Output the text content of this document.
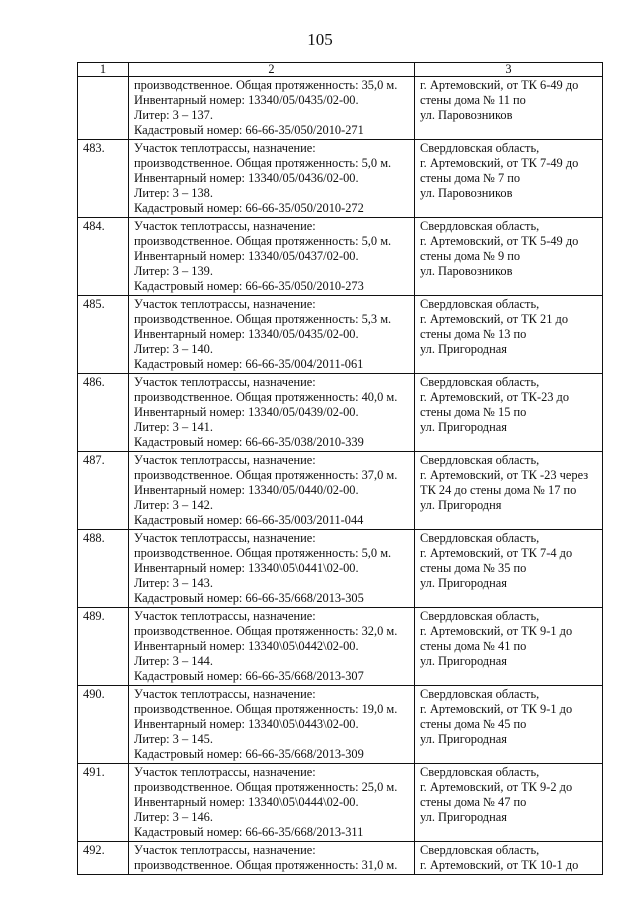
105
1	2	3

	производственное. Общая протяженность: 35,0 м.
Инвентарный номер: 13340/05/0435/02-00.
Литер: 3 – 137.
Кадастровый номер: 66-66-35/050/2010-271	г. Артемовский, от ТК 6-49 до
стены дома № 11 по
ул. Паровозников

483.	Участок теплотрассы, назначение:
производственное. Общая протяженность: 5,0 м.
Инвентарный номер: 13340/05/0436/02-00.
Литер: 3 – 138.
Кадастровый номер: 66-66-35/050/2010-272	Свердловская область,
г. Артемовский, от ТК 7-49 до
стены дома № 7 по
ул. Паровозников

484.	Участок теплотрассы, назначение:
производственное. Общая протяженность: 5,0 м.
Инвентарный номер: 13340/05/0437/02-00.
Литер: 3 – 139.
Кадастровый номер: 66-66-35/050/2010-273	Свердловская область,
г. Артемовский, от ТК 5-49 до
стены дома № 9 по
ул. Паровозников

485.	Участок теплотрассы, назначение:
производственное. Общая протяженность: 5,3 м.
Инвентарный номер: 13340/05/0435/02-00.
Литер: 3 – 140.
Кадастровый номер: 66-66-35/004/2011-061	Свердловская область,
г. Артемовский, от ТК 21 до
стены дома № 13 по
ул. Пригородная

486.	Участок теплотрассы, назначение:
производственное. Общая протяженность: 40,0 м.
Инвентарный номер: 13340/05/0439/02-00.
Литер: 3 – 141.
Кадастровый номер: 66-66-35/038/2010-339	Свердловская область,
г. Артемовский, от ТК-23 до
стены дома № 15 по
ул. Пригородная

487.	Участок теплотрассы, назначение:
производственное. Общая протяженность: 37,0 м.
Инвентарный номер: 13340/05/0440/02-00.
Литер: 3 – 142.
Кадастровый номер: 66-66-35/003/2011-044	Свердловская область,
г. Артемовский, от ТК -23 через
ТК 24 до стены дома № 17 по
ул. Пригородня

488.	Участок теплотрассы, назначение:
производственное. Общая протяженность: 5,0 м.
Инвентарный номер: 13340\05\0441\02-00.
Литер: 3 – 143.
Кадастровый номер: 66-66-35/668/2013-305	Свердловская область,
г. Артемовский, от ТК 7-4 до
стены дома № 35 по
ул. Пригородная

489.	Участок теплотрассы, назначение:
производственное. Общая протяженность: 32,0 м.
Инвентарный номер: 13340\05\0442\02-00.
Литер: 3 – 144.
Кадастровый номер: 66-66-35/668/2013-307	Свердловская область,
г. Артемовский, от ТК 9-1 до
стены дома № 41 по
ул. Пригородная

490.	Участок теплотрассы, назначение:
производственное. Общая протяженность: 19,0 м.
Инвентарный номер: 13340\05\0443\02-00.
Литер: 3 – 145.
Кадастровый номер: 66-66-35/668/2013-309	Свердловская область,
г. Артемовский, от ТК 9-1 до
стены дома № 45 по
ул. Пригородная

491.	Участок теплотрассы, назначение:
производственное. Общая протяженность: 25,0 м.
Инвентарный номер: 13340\05\0444\02-00.
Литер: 3 – 146.
Кадастровый номер: 66-66-35/668/2013-311	Свердловская область,
г. Артемовский, от ТК 9-2 до
стены дома № 47 по
ул. Пригородная

492.	Участок теплотрассы, назначение:
производственное. Общая протяженность: 31,0 м.	Свердловская область,
г. Артемовский, от ТК 10-1 до
